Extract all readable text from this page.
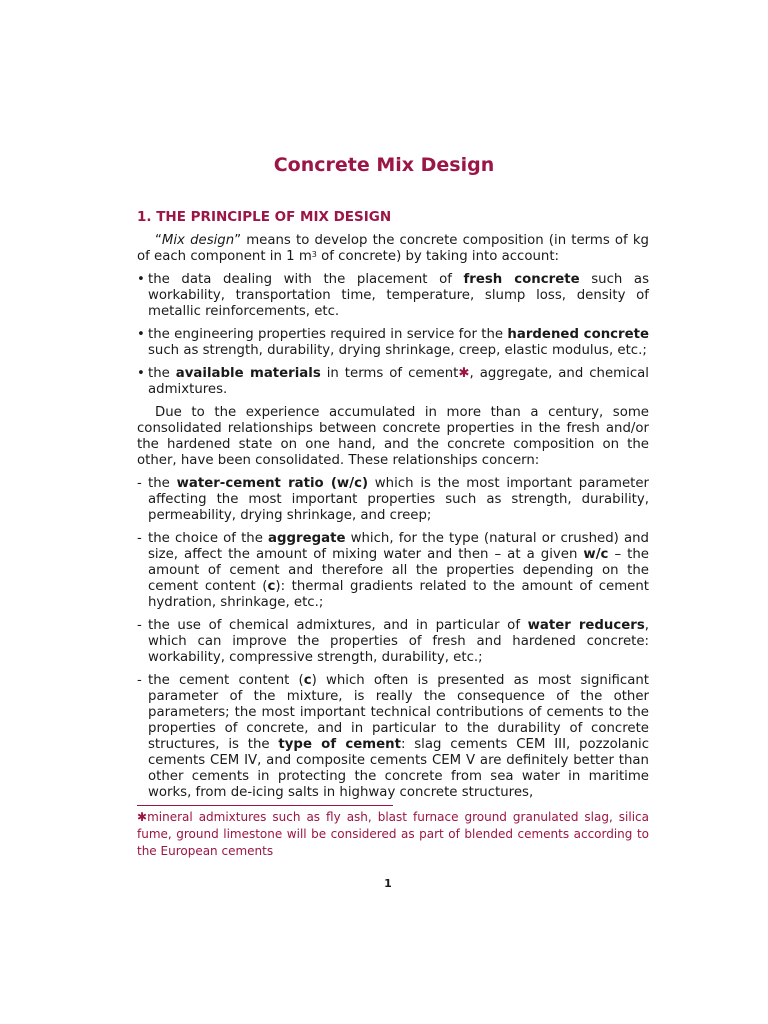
Concrete Mix Design
1. THE PRINCIPLE OF MIX DESIGN

“Mix design” means to develop the concrete composition (in terms of kg of each component in 1 $m^3$ of concrete) by taking into account:

• the data dealing with the placement of fresh concrete such as workability, transportation time, temperature, slump loss, density of metallic reinforcements, etc.
• the engineering properties required in service for the hardened concrete such as strength, durability, drying shrinkage, creep, elastic modulus, etc.;
• the available materials in terms of cement✱, aggregate, and chemical admixtures.

Due to the experience accumulated in more than a century, some consolidated relationships between concrete properties in the fresh and/or the hardened state on one hand, and the concrete composition on the other, have been consolidated. These relationships concern:

- the water-cement ratio (w/c) which is the most important parameter affecting the most important properties such as strength, durability, permeability, drying shrinkage, and creep;
- the choice of the aggregate which, for the type (natural or crushed) and size, affect the amount of mixing water and then – at a given w/c – the amount of cement and therefore all the properties depending on the cement content (c): thermal gradients related to the amount of cement hydration, shrinkage, etc.;
- the use of chemical admixtures, and in particular of water reducers, which can improve the properties of fresh and hardened concrete: workability, compressive strength, durability, etc.;
- the cement content (c) which often is presented as most significant parameter of the mixture, is really the consequence of the other parameters; the most important technical contributions of cements to the properties of concrete, and in particular to the durability of concrete structures, is the type of cement: slag cements CEM III, pozzolanic cements CEM IV, and composite cements CEM V are definitely better than other cements in protecting the concrete from sea water in maritime works, from de-icing salts in highway concrete structures,

✱mineral admixtures such as fly ash, blast furnace ground granulated slag, silica fume, ground limestone will be considered as part of blended cements according to the European cements

1
